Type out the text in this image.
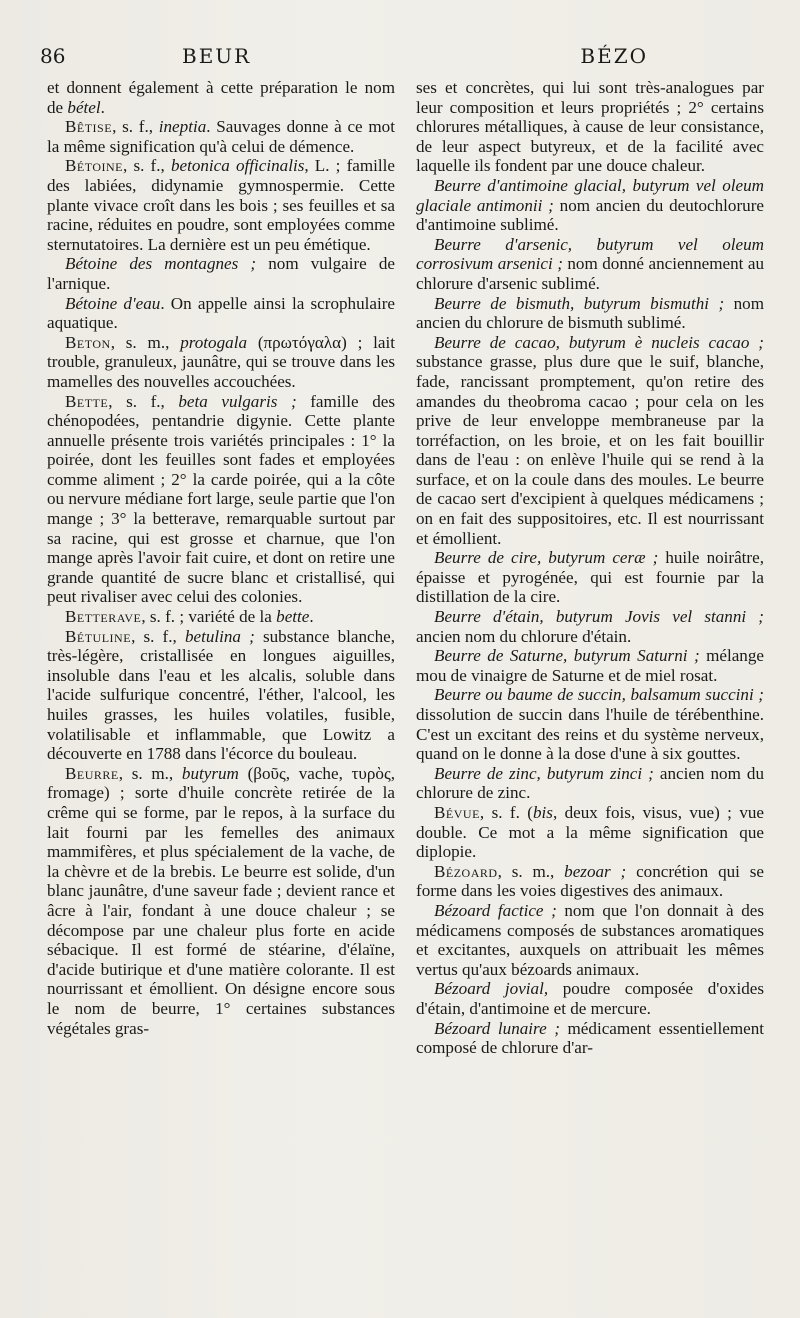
86	BEUR	BÉZO

et donnent également à cette préparation le nom de bétel.

Bêtise, s. f., ineptia. Sauvages donne à ce mot la même signification qu'à celui de démence.

Bétoine, s. f., betonica officinalis, L. ; famille des labiées, didynamie gymnospermie. Cette plante vivace croît dans les bois ; ses feuilles et sa racine, réduites en poudre, sont employées comme sternutatoires. La dernière est un peu émétique.

Bétoine des montagnes ; nom vulgaire de l'arnique.

Bétoine d'eau. On appelle ainsi la scrophulaire aquatique.

Beton, s. m., protogala (πρωτόγαλα) ; lait trouble, granuleux, jaunâtre, qui se trouve dans les mamelles des nouvelles accouchées.

Bette, s. f., beta vulgaris ; famille des chénopodées, pentandrie digynie. Cette plante annuelle présente trois variétés principales : 1° la poirée, dont les feuilles sont fades et employées comme aliment ; 2° la carde poirée, qui a la côte ou nervure médiane fort large, seule partie que l'on mange ; 3° la betterave, remarquable surtout par sa racine, qui est grosse et charnue, que l'on mange après l'avoir fait cuire, et dont on retire une grande quantité de sucre blanc et cristallisé, qui peut rivaliser avec celui des colonies.

Betterave, s. f. ; variété de la bette.

Bétuline, s. f., betulina ; substance blanche, très-légère, cristallisée en longues aiguilles, insoluble dans l'eau et les alcalis, soluble dans l'acide sulfurique concentré, l'éther, l'alcool, les huiles grasses, les huiles volatiles, fusible, volatilisable et inflammable, que Lowitz a découverte en 1788 dans l'écorce du bouleau.

Beurre, s. m., butyrum (βοῦς, vache, τυρὸς, fromage) ; sorte d'huile concrète retirée de la crême qui se forme, par le repos, à la surface du lait fourni par les femelles des animaux mammifères, et plus spécialement de la vache, de la chèvre et de la brebis. Le beurre est solide, d'un blanc jaunâtre, d'une saveur fade ; devient rance et âcre à l'air, fondant à une douce chaleur ; se décompose par une chaleur plus forte en acide sébacique. Il est formé de stéarine, d'élaïne, d'acide butirique et d'une matière colorante. Il est nourrissant et émollient. On désigne encore sous le nom de beurre, 1° certaines substances végétales gras-

ses et concrètes, qui lui sont très-analogues par leur composition et leurs propriétés ; 2° certains chlorures métalliques, à cause de leur consistance, de leur aspect butyreux, et de la facilité avec laquelle ils fondent par une douce chaleur.

Beurre d'antimoine glacial, butyrum vel oleum glaciale antimonii ; nom ancien du deutochlorure d'antimoine sublimé.

Beurre d'arsenic, butyrum vel oleum corrosivum arsenici ; nom donné anciennement au chlorure d'arsenic sublimé.

Beurre de bismuth, butyrum bismuthi ; nom ancien du chlorure de bismuth sublimé.

Beurre de cacao, butyrum è nucleis cacao ; substance grasse, plus dure que le suif, blanche, fade, rancissant promptement, qu'on retire des amandes du theobroma cacao ; pour cela on les prive de leur enveloppe membraneuse par la torréfaction, on les broie, et on les fait bouillir dans de l'eau : on enlève l'huile qui se rend à la surface, et on la coule dans des moules. Le beurre de cacao sert d'excipient à quelques médicamens ; on en fait des suppositoires, etc. Il est nourrissant et émollient.

Beurre de cire, butyrum ceræ ; huile noirâtre, épaisse et pyrogénée, qui est fournie par la distillation de la cire.

Beurre d'étain, butyrum Jovis vel stanni ; ancien nom du chlorure d'étain.

Beurre de Saturne, butyrum Saturni ; mélange mou de vinaigre de Saturne et de miel rosat.

Beurre ou baume de succin, balsamum succini ; dissolution de succin dans l'huile de térébenthine. C'est un excitant des reins et du système nerveux, quand on le donne à la dose d'une à six gouttes.

Beurre de zinc, butyrum zinci ; ancien nom du chlorure de zinc.

Bévue, s. f. (bis, deux fois, visus, vue) ; vue double. Ce mot a la même signification que diplopie.

Bézoard, s. m., bezoar ; concrétion qui se forme dans les voies digestives des animaux.

Bézoard factice ; nom que l'on donnait à des médicamens composés de substances aromatiques et excitantes, auxquels on attribuait les mêmes vertus qu'aux bézoards animaux.

Bézoard jovial, poudre composée d'oxides d'étain, d'antimoine et de mercure.

Bézoard lunaire ; médicament essentiellement composé de chlorure d'ar-
